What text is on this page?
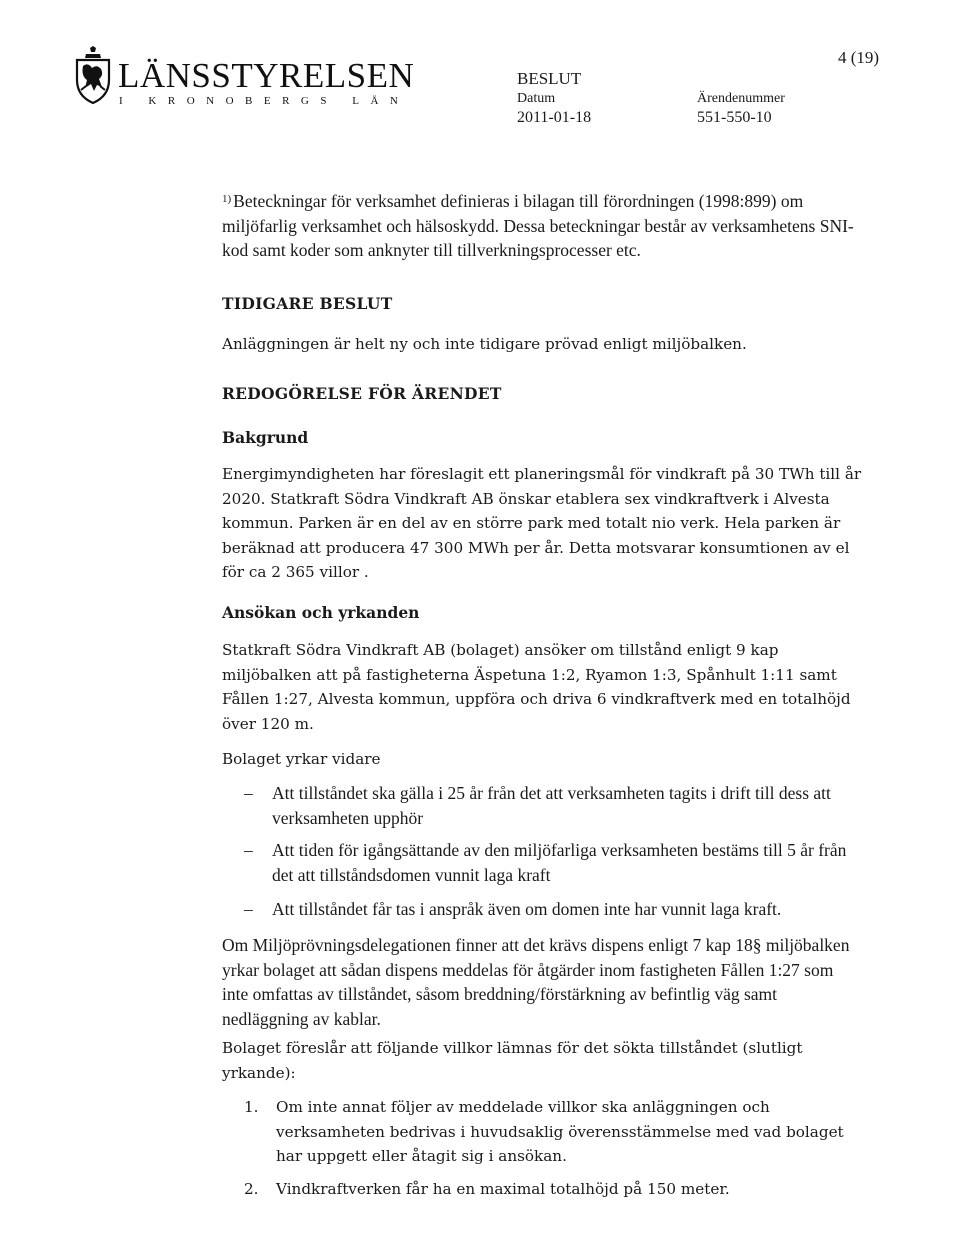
LÄNSSTYRELSEN
I KRONOBERGS LÄN
BESLUT
Datum
2011-01-18
Ärendenummer
551-550-10
4 (19)
$^{1)}$ Beteckningar för verksamhet definieras i bilagan till förordningen (1998:899) om miljöfarlig verksamhet och hälsoskydd. Dessa beteckningar består av verksamhetens SNI-kod samt koder som anknyter till tillverkningsprocesser etc.
TIDIGARE BESLUT
Anläggningen är helt ny och inte tidigare prövad enligt miljöbalken.
REDOGÖRELSE FÖR ÄRENDET
Bakgrund
Energimyndigheten har föreslagit ett planeringsmål för vindkraft på 30 TWh till år 2020. Statkraft Södra Vindkraft AB önskar etablera sex vindkraftverk i Alvesta kommun. Parken är en del av en större park med totalt nio verk. Hela parken är beräknad att producera 47 300 MWh per år. Detta motsvarar konsumtionen av el för ca 2 365 villor .
Ansökan och yrkanden
Statkraft Södra Vindkraft AB (bolaget) ansöker om tillstånd enligt 9 kap miljöbalken att på fastigheterna Äspetuna 1:2, Ryamon 1:3, Spånhult 1:11 samt Fållen 1:27, Alvesta kommun, uppföra och driva 6 vindkraftverk med en totalhöjd över 120 m.
Bolaget yrkar vidare
– Att tillståndet ska gälla i 25 år från det att verksamheten tagits i drift till dess att verksamheten upphör
– Att tiden för igångsättande av den miljöfarliga verksamheten bestäms till 5 år från det att tillståndsdomen vunnit laga kraft
– Att tillståndet får tas i anspråk även om domen inte har vunnit laga kraft.
Om Miljöprövningsdelegationen finner att det krävs dispens enligt 7 kap 18§ miljöbalken yrkar bolaget att sådan dispens meddelas för åtgärder inom fastigheten Fållen 1:27 som inte omfattas av tillståndet, såsom breddning/förstärkning av befintlig väg samt nedläggning av kablar.
Bolaget föreslår att följande villkor lämnas för det sökta tillståndet (slutligt yrkande):
1. Om inte annat följer av meddelade villkor ska anläggningen och verksamheten bedrivas i huvudsaklig överensstämmelse med vad bolaget har uppgett eller åtagit sig i ansökan.
2. Vindkraftverken får ha en maximal totalhöjd på 150 meter.
